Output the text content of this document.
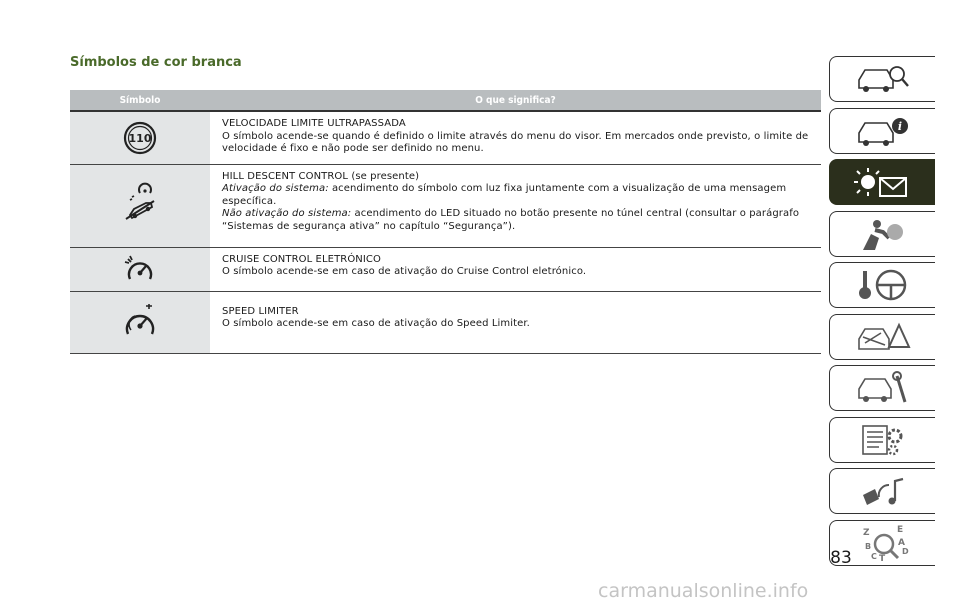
Símbolos de cor branca
Símbolo	O que significa?

110	VELOCIDADE LIMITE ULTRAPASSADA

O símbolo acende-se quando é definido o limite através do menu do visor. Em mercados onde previsto, o limite de velocidade é fixo e não pode ser definido no menu.

HILL DESCENT CONTROL (se presente)

Ativação do sistema: acendimento do símbolo com luz fixa juntamente com a visualização de uma mensagem específica.

Não ativação do sistema: acendimento do LED situado no botão presente no túnel central (consultar o parágrafo “Sistemas de segurança ativa” no capítulo “Segurança”).

CRUISE CONTROL ELETRÓNICO

O símbolo acende-se em caso de ativação do Cruise Control eletrónico.

SPEED LIMITER

O símbolo acende-se em caso de ativação do Speed Limiter.

i
Z	E
B	A
C
D
T
83
carmanualsonline.info
